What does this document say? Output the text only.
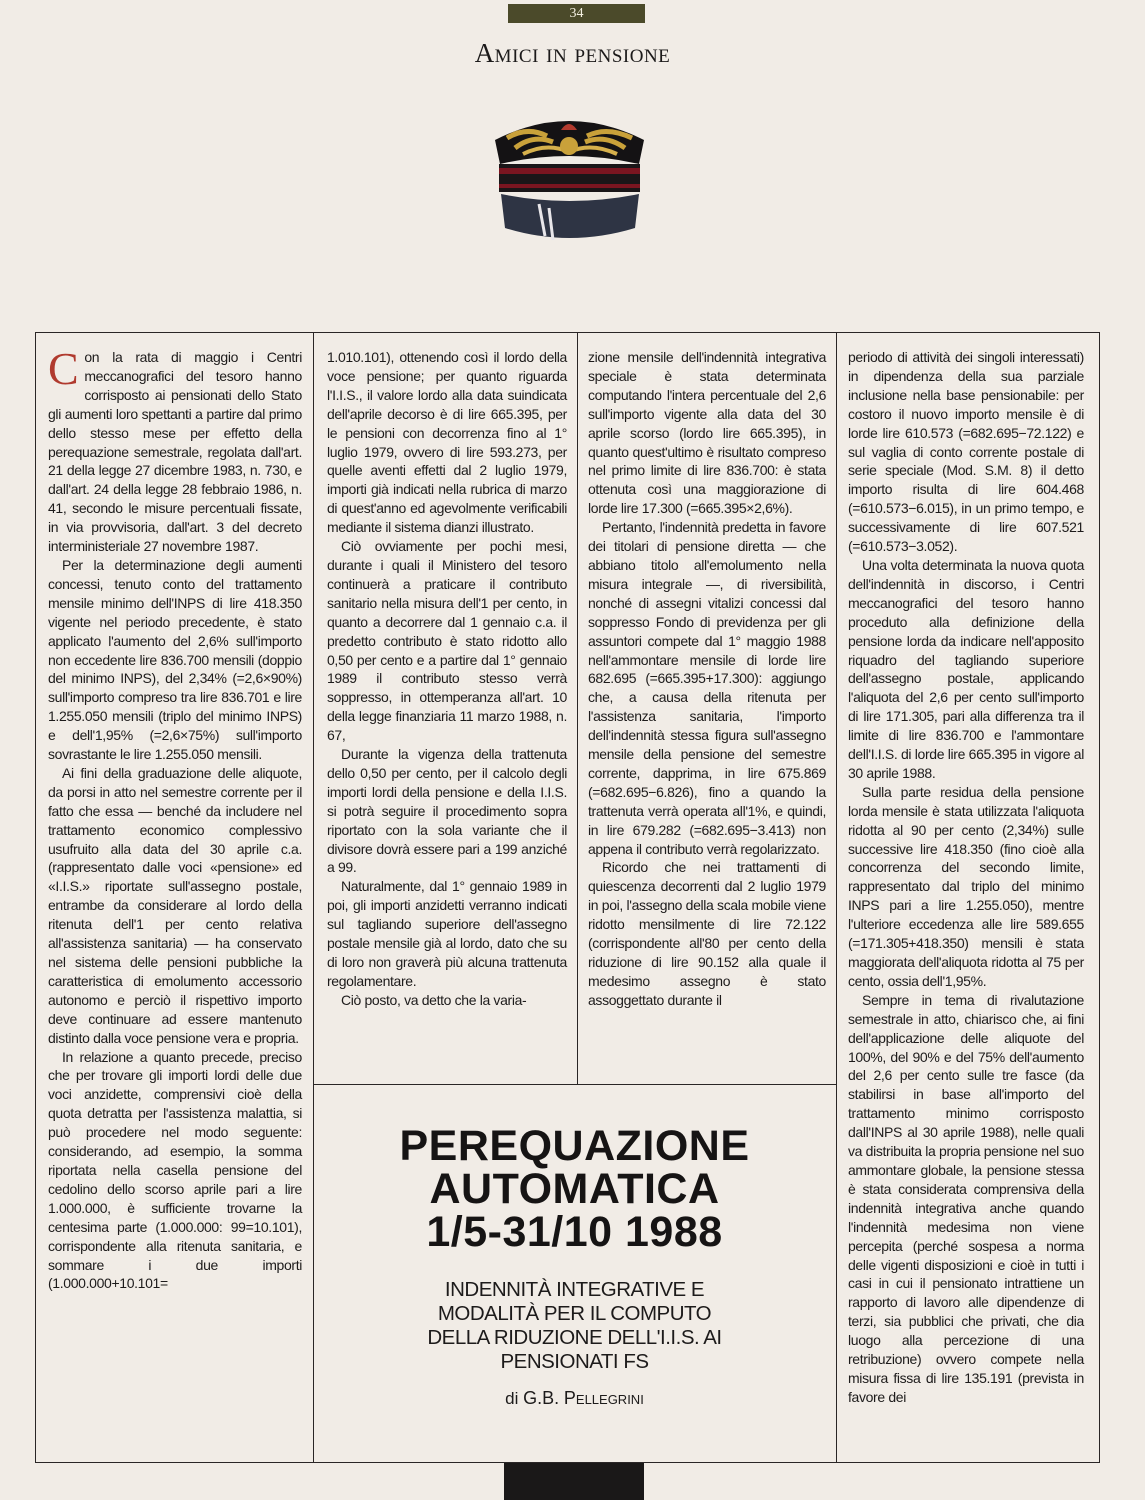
34
Amici in pensione

Con la rata di maggio i Centri meccanografici del tesoro hanno corrisposto ai pensionati dello Stato gli aumenti loro spettanti a partire dal primo dello stesso mese per effetto della perequazione semestrale, regolata dall'art. 21 della legge 27 dicembre 1983, n. 730, e dall'art. 24 della legge 28 febbraio 1986, n. 41, secondo le misure percentuali fissate, in via provvisoria, dall'art. 3 del decreto interministeriale 27 novembre 1987.

Per la determinazione degli aumenti concessi, tenuto conto del trattamento mensile minimo dell'INPS di lire 418.350 vigente nel periodo precedente, è stato applicato l'aumento del 2,6% sull'importo non eccedente lire 836.700 mensili (doppio del minimo INPS), del 2,34% (=2,6×90%) sull'importo compreso tra lire 836.701 e lire 1.255.050 mensili (triplo del minimo INPS) e dell'1,95% (=2,6×75%) sull'importo sovrastante le lire 1.255.050 mensili.

Ai fini della graduazione delle aliquote, da porsi in atto nel semestre corrente per il fatto che essa — benché da includere nel trattamento economico complessivo usufruito alla data del 30 aprile c.a. (rappresentato dalle voci «pensione» ed «I.I.S.» riportate sull'assegno postale, entrambe da considerare al lordo della ritenuta dell'1 per cento relativa all'assistenza sanitaria) — ha conservato nel sistema delle pensioni pubbliche la caratteristica di emolumento accessorio autonomo e perciò il rispettivo importo deve continuare ad essere mantenuto distinto dalla voce pensione vera e propria.

In relazione a quanto precede, preciso che per trovare gli importi lordi delle due voci anzidette, comprensivi cioè della quota detratta per l'assistenza malattia, si può procedere nel modo seguente: considerando, ad esempio, la somma riportata nella casella pensione del cedolino dello scorso aprile pari a lire 1.000.000, è sufficiente trovarne la centesima parte (1.000.000: 99=10.101), corrispondente alla ritenuta sanitaria, e sommare i due importi (1.000.000+10.101=

1.010.101), ottenendo così il lordo della voce pensione; per quanto riguarda l'I.I.S., il valore lordo alla data suindicata dell'aprile decorso è di lire 665.395, per le pensioni con decorrenza fino al 1° luglio 1979, ovvero di lire 593.273, per quelle aventi effetti dal 2 luglio 1979, importi già indicati nella rubrica di marzo di quest'anno ed agevolmente verificabili mediante il sistema dianzi illustrato.

Ciò ovviamente per pochi mesi, durante i quali il Ministero del tesoro continuerà a praticare il contributo sanitario nella misura dell'1 per cento, in quanto a decorrere dal 1 gennaio c.a. il predetto contributo è stato ridotto allo 0,50 per cento e a partire dal 1° gennaio 1989 il contributo stesso verrà soppresso, in ottemperanza all'art. 10 della legge finanziaria 11 marzo 1988, n. 67,

Durante la vigenza della trattenuta dello 0,50 per cento, per il calcolo degli importi lordi della pensione e della I.I.S. si potrà seguire il procedimento sopra riportato con la sola variante che il divisore dovrà essere pari a 199 anziché a 99.

Naturalmente, dal 1° gennaio 1989 in poi, gli importi anzidetti verranno indicati sul tagliando superiore dell'assegno postale mensile già al lordo, dato che su di loro non graverà più alcuna trattenuta regolamentare.

Ciò posto, va detto che la varia-

zione mensile dell'indennità integrativa speciale è stata determinata computando l'intera percentuale del 2,6 sull'importo vigente alla data del 30 aprile scorso (lordo lire 665.395), in quanto quest'ultimo è risultato compreso nel primo limite di lire 836.700: è stata ottenuta così una maggiorazione di lorde lire 17.300 (=665.395×2,6%).

Pertanto, l'indennità predetta in favore dei titolari di pensione diretta — che abbiano titolo all'emolumento nella misura integrale —, di riversibilità, nonché di assegni vitalizi concessi dal soppresso Fondo di previdenza per gli assuntori compete dal 1° maggio 1988 nell'ammontare mensile di lorde lire 682.695 (=665.395+17.300): aggiungo che, a causa della ritenuta per l'assistenza sanitaria, l'importo dell'indennità stessa figura sull'assegno mensile della pensione del semestre corrente, dapprima, in lire 675.869 (=682.695−6.826), fino a quando la trattenuta verrà operata all'1%, e quindi, in lire 679.282 (=682.695−3.413) non appena il contributo verrà regolarizzato.

Ricordo che nei trattamenti di quiescenza decorrenti dal 2 luglio 1979 in poi, l'assegno della scala mobile viene ridotto mensilmente di lire 72.122 (corrispondente all'80 per cento della riduzione di lire 90.152 alla quale il medesimo assegno è stato assoggettato durante il

periodo di attività dei singoli interessati) in dipendenza della sua parziale inclusione nella base pensionabile: per costoro il nuovo importo mensile è di lorde lire 610.573 (=682.695−72.122) e sul vaglia di conto corrente postale di serie speciale (Mod. S.M. 8) il detto importo risulta di lire 604.468 (=610.573−6.015), in un primo tempo, e successivamente di lire 607.521 (=610.573−3.052).

Una volta determinata la nuova quota dell'indennità in discorso, i Centri meccanografici del tesoro hanno proceduto alla definizione della pensione lorda da indicare nell'apposito riquadro del tagliando superiore dell'assegno postale, applicando l'aliquota del 2,6 per cento sull'importo di lire 171.305, pari alla differenza tra il limite di lire 836.700 e l'ammontare dell'I.I.S. di lorde lire 665.395 in vigore al 30 aprile 1988.

Sulla parte residua della pensione lorda mensile è stata utilizzata l'aliquota ridotta al 90 per cento (2,34%) sulle successive lire 418.350 (fino cioè alla concorrenza del secondo limite, rappresentato dal triplo del minimo INPS pari a lire 1.255.050), mentre l'ulteriore eccedenza alle lire 589.655 (=171.305+418.350) mensili è stata maggiorata dell'aliquota ridotta al 75 per cento, ossia dell'1,95%.

Sempre in tema di rivalutazione semestrale in atto, chiarisco che, ai fini dell'applicazione delle aliquote del 100%, del 90% e del 75% dell'aumento del 2,6 per cento sulle tre fasce (da stabilirsi in base all'importo del trattamento minimo corrisposto dall'INPS al 30 aprile 1988), nelle quali va distribuita la propria pensione nel suo ammontare globale, la pensione stessa è stata considerata comprensiva della indennità integrativa anche quando l'indennità medesima non viene percepita (perché sospesa a norma delle vigenti disposizioni e cioè in tutti i casi in cui il pensionato intrattiene un rapporto di lavoro alle dipendenze di terzi, sia pubblici che privati, che dia luogo alla percezione di una retribuzione) ovvero compete nella misura fissa di lire 135.191 (prevista in favore dei

PEREQUAZIONE
AUTOMATICA
1/5-31/10 1988
INDENNITÀ INTEGRATIVE E
MODALITÀ PER IL COMPUTO
DELLA RIDUZIONE DELL'I.I.S. AI
PENSIONATI FS
di G.B. Pellegrini
